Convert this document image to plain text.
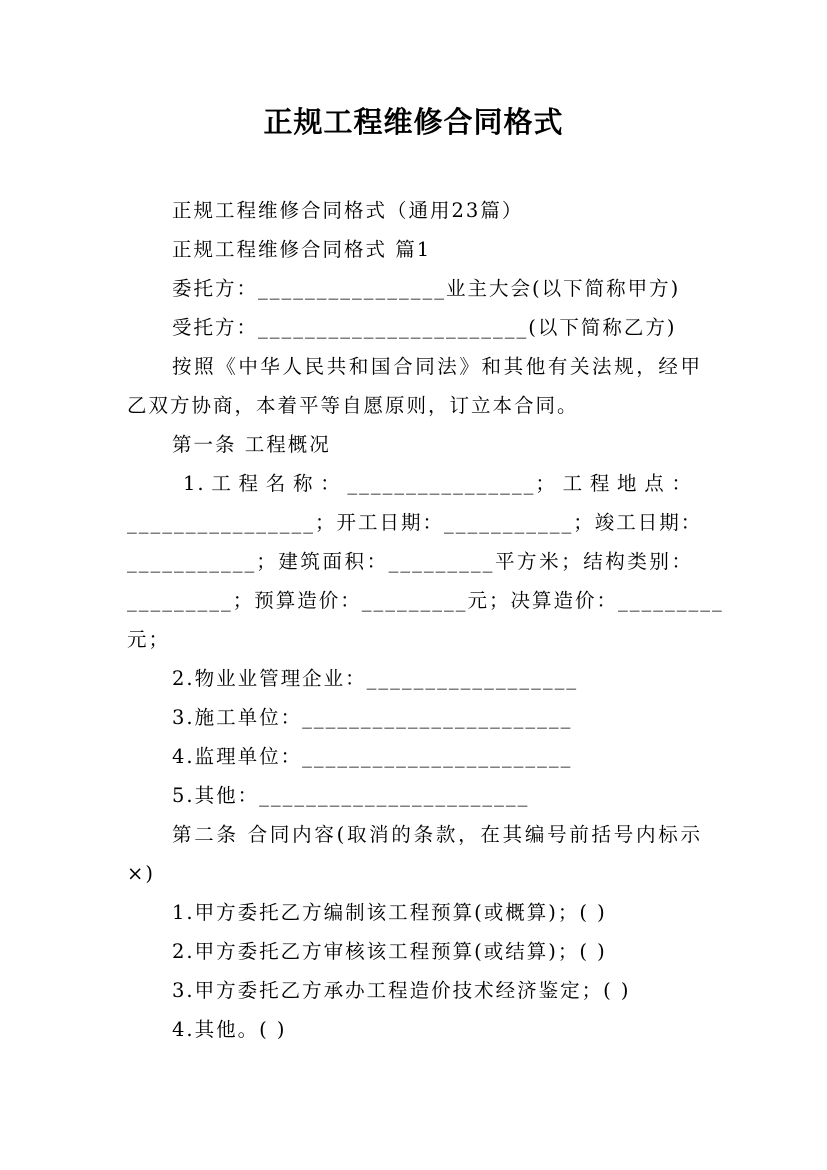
正规工程维修合同格式
正规工程维修合同格式（通用23篇）
正规工程维修合同格式 篇1
委托方：________________业主大会(以下简称甲方)
受托方：_______________________(以下简称乙方)
按照《中华人民共和国合同法》和其他有关法规，经甲
乙双方协商，本着平等自愿原则，订立本合同。
第一条 工程概况
1.工程名称：________________；工程地点：
________________；开工日期：___________；竣工日期：
___________；建筑面积：_________平方米；结构类别：
_________；预算造价：_________元；决算造价：_________
元；
2.物业业管理企业：__________________
3.施工单位：_______________________
4.监理单位：_______________________
5.其他：_______________________
第二条 合同内容(取消的条款，在其编号前括号内标示
×)
1.甲方委托乙方编制该工程预算(或概算)；( )
2.甲方委托乙方审核该工程预算(或结算)；( )
3.甲方委托乙方承办工程造价技术经济鉴定；( )
4.其他。( )
